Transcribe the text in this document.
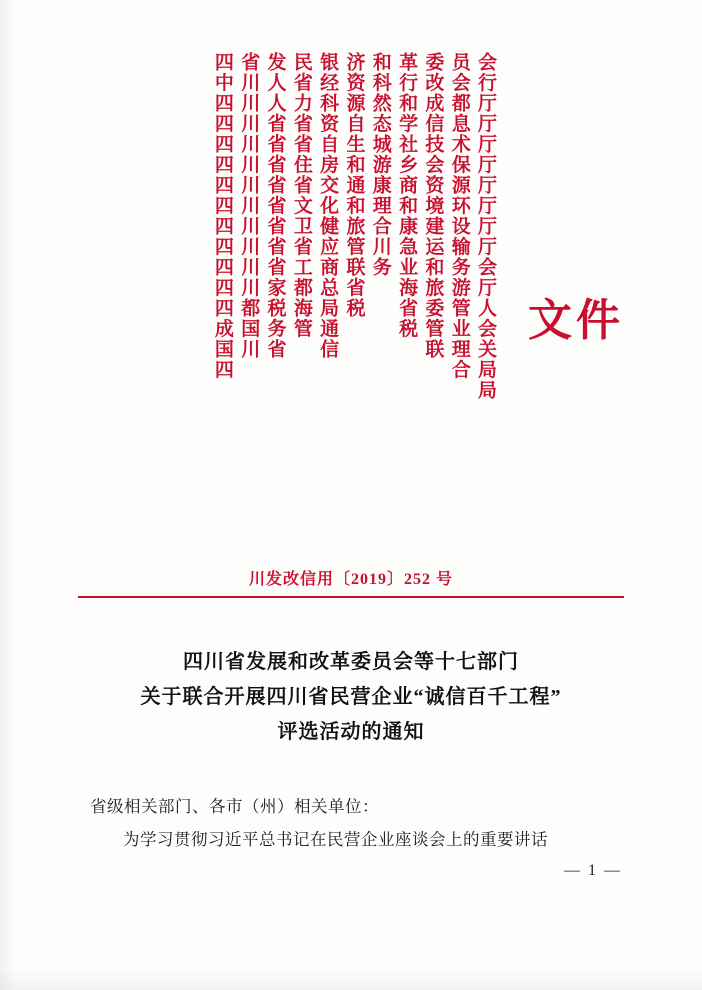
会行厅厅厅厅厅厅厅厅会厅人会关局局
员会都息术保源环设输务游管业理合
委改成信技会资境建运和旅委管联
革行和学社乡商和康急业海省税
和科然态城游康理合川务
济资源自生和通和旅管联省税
银经科资自房交化健应商总局通信
民省力省省住省文卫省工都海管
发人人省省省省省省省省家税务省
省川川川川川川川川川川川都国川
四中四四四四四四四四四四四成国四	文件
川发改信用〔2019〕252 号
四川省发展和改革委员会等十七部门
关于联合开展四川省民营企业“诚信百千工程”
评选活动的通知
省级相关部门、各市（州）相关单位：
为学习贯彻习近平总书记在民营企业座谈会上的重要讲话
— 1 —
